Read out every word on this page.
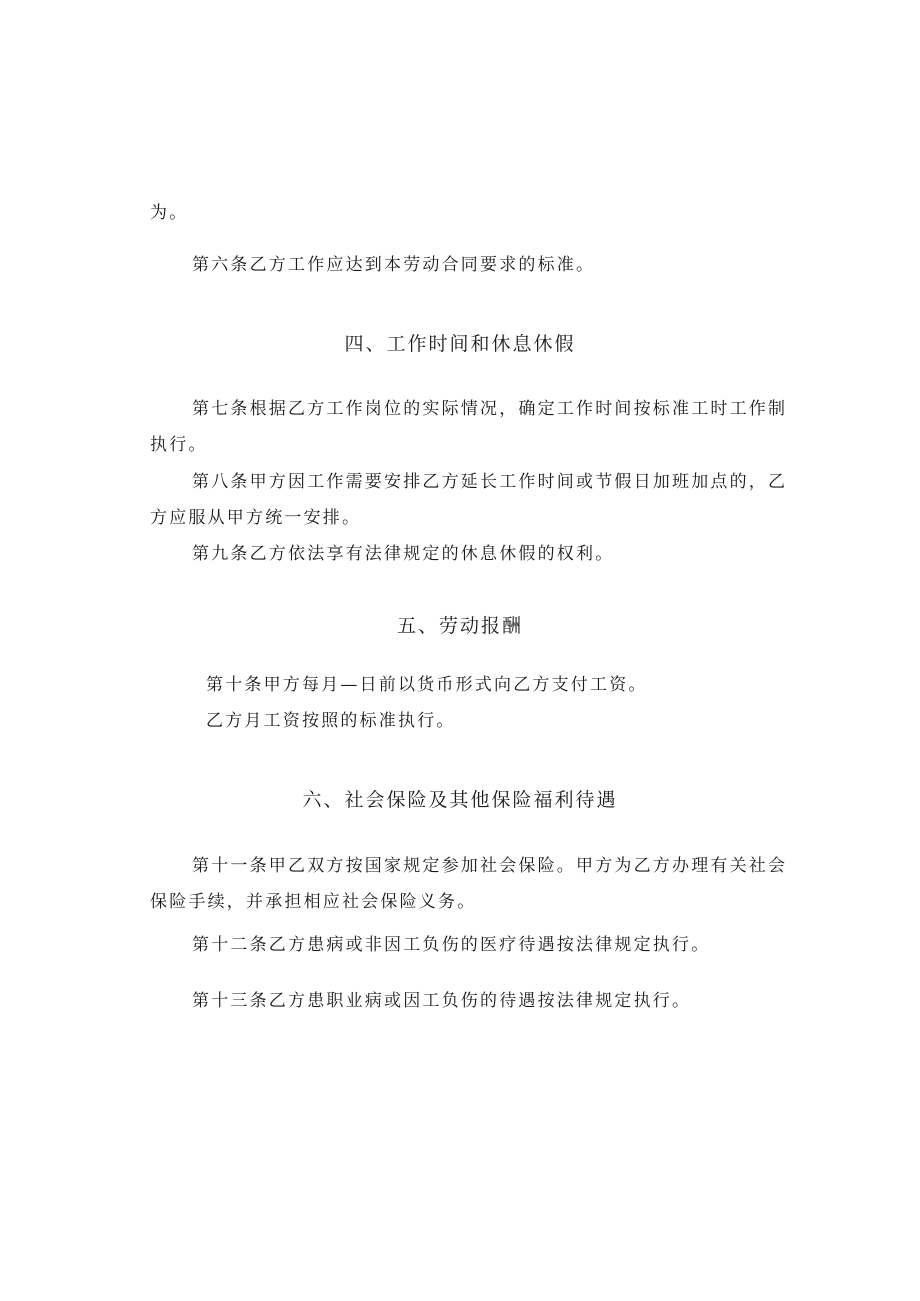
为。
第六条乙方工作应达到本劳动合同要求的标准。
四、工作时间和休息休假
第七条根据乙方工作岗位的实际情况，确定工作时间按标准工时工作制
执行。
第八条甲方因工作需要安排乙方延长工作时间或节假日加班加点的，乙
方应服从甲方统一安排。
第九条乙方依法享有法律规定的休息休假的权利。
五、劳动报酬
第十条甲方每月—日前以货币形式向乙方支付工资。
乙方月工资按照的标准执行。
六、社会保险及其他保险福利待遇
第十一条甲乙双方按国家规定参加社会保险。甲方为乙方办理有关社会
保险手续，并承担相应社会保险义务。
第十二条乙方患病或非因工负伤的医疗待遇按法律规定执行。
第十三条乙方患职业病或因工负伤的待遇按法律规定执行。
